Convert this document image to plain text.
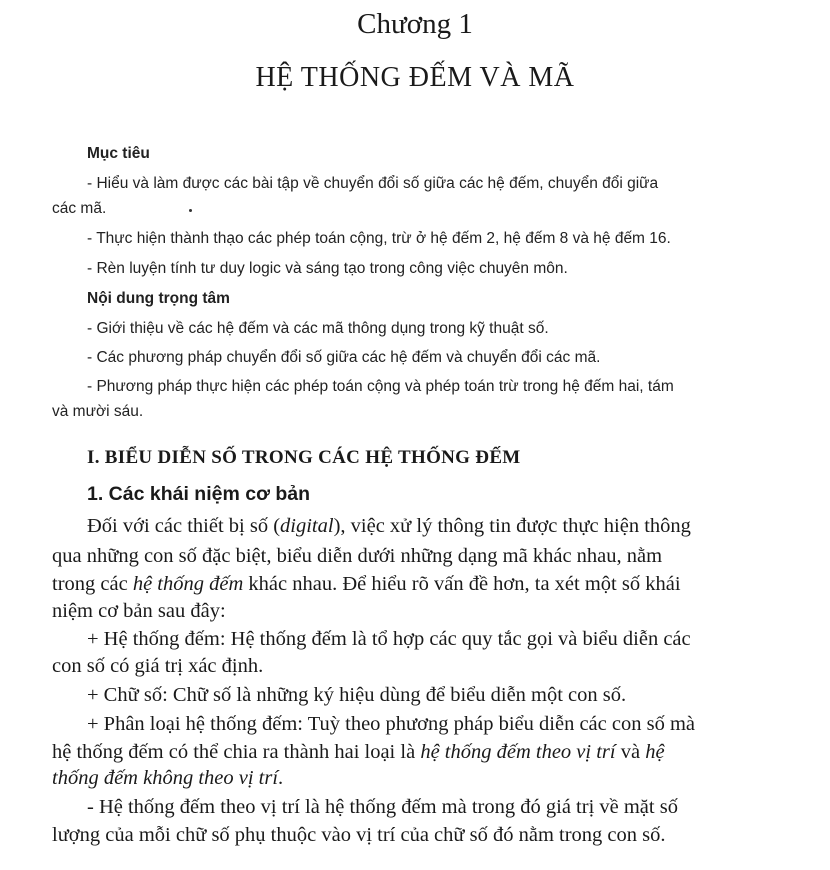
Chương 1
HỆ THỐNG ĐẾM VÀ MÃ
Mục tiêu
- Hiểu và làm được các bài tập về chuyển đổi số giữa các hệ đếm, chuyển đổi giữa
các mã.
- Thực hiện thành thạo các phép toán cộng, trừ ở hệ đếm 2, hệ đếm 8 và hệ đếm 16.
- Rèn luyện tính tư duy logic và sáng tạo trong công việc chuyên môn.
Nội dung trọng tâm
- Giới thiệu về các hệ đếm và các mã thông dụng trong kỹ thuật số.
- Các phương pháp chuyển đổi số giữa các hệ đếm và chuyển đổi các mã.
- Phương pháp thực hiện các phép toán cộng và phép toán trừ trong hệ đếm hai, tám
và mười sáu.
I. BIỂU DIỄN SỐ TRONG CÁC HỆ THỐNG ĐẾM
1. Các khái niệm cơ bản
Đối với các thiết bị số (digital), việc xử lý thông tin được thực hiện thông
qua những con số đặc biệt, biểu diễn dưới những dạng mã khác nhau, nằm
trong các hệ thống đếm khác nhau. Để hiểu rõ vấn đề hơn, ta xét một số khái
niệm cơ bản sau đây:
+ Hệ thống đếm: Hệ thống đếm là tổ hợp các quy tắc gọi và biểu diễn các
con số có giá trị xác định.
+ Chữ số: Chữ số là những ký hiệu dùng để biểu diễn một con số.
+ Phân loại hệ thống đếm: Tuỳ theo phương pháp biểu diễn các con số mà
hệ thống đếm có thể chia ra thành hai loại là hệ thống đếm theo vị trí và hệ
thống đếm không theo vị trí.
- Hệ thống đếm theo vị trí là hệ thống đếm mà trong đó giá trị về mặt số
lượng của mỗi chữ số phụ thuộc vào vị trí của chữ số đó nằm trong con số.
